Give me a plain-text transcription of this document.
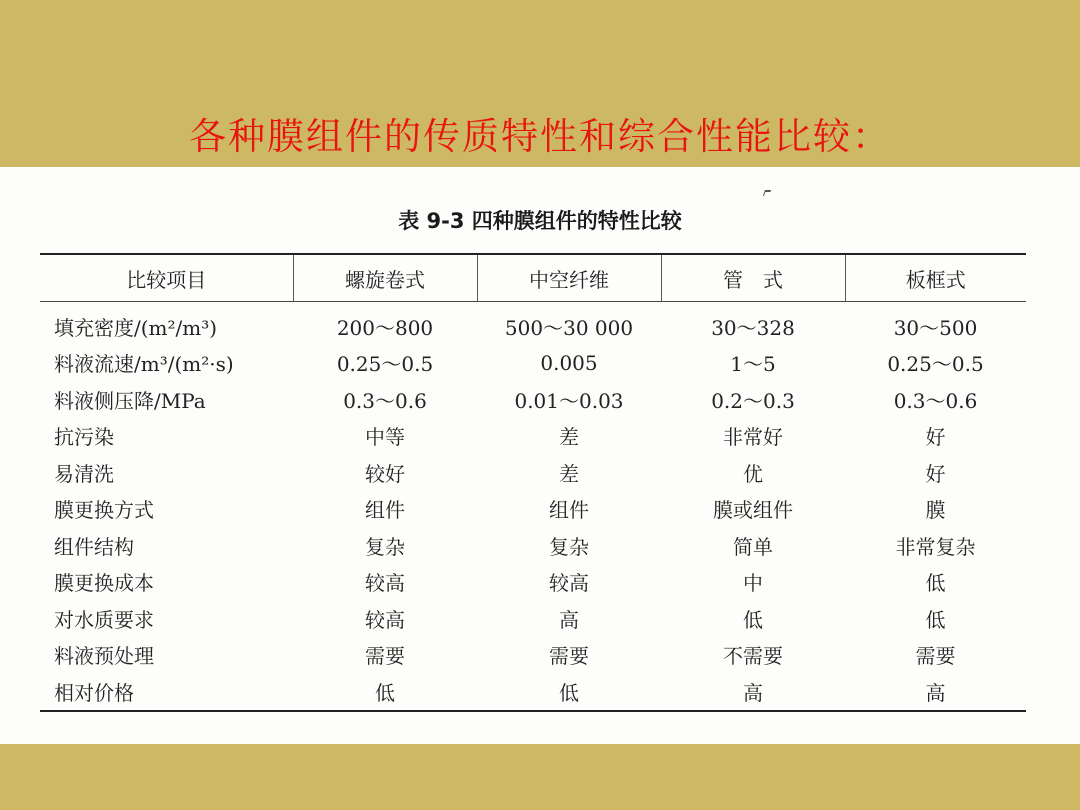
各种膜组件的传质特性和综合性能比较：
表 9-3 四种膜组件的特性比较
比较项目	螺旋卷式	中空纤维	管　式	板框式
填充密度/(m²/m³)	200～800	500～30 000	30～328	30～500
料液流速/m³/(m²·s)	0.25～0.5	0.005	1～5	0.25～0.5
料液侧压降/MPa	0.3～0.6	0.01～0.03	0.2～0.3	0.3～0.6
抗污染	中等	差	非常好	好
易清洗	较好	差	优	好
膜更换方式	组件	组件	膜或组件	膜
组件结构	复杂	复杂	简单	非常复杂
膜更换成本	较高	较高	中	低
对水质要求	较高	高	低	低
料液预处理	需要	需要	不需要	需要
相对价格	低	低	高	高
